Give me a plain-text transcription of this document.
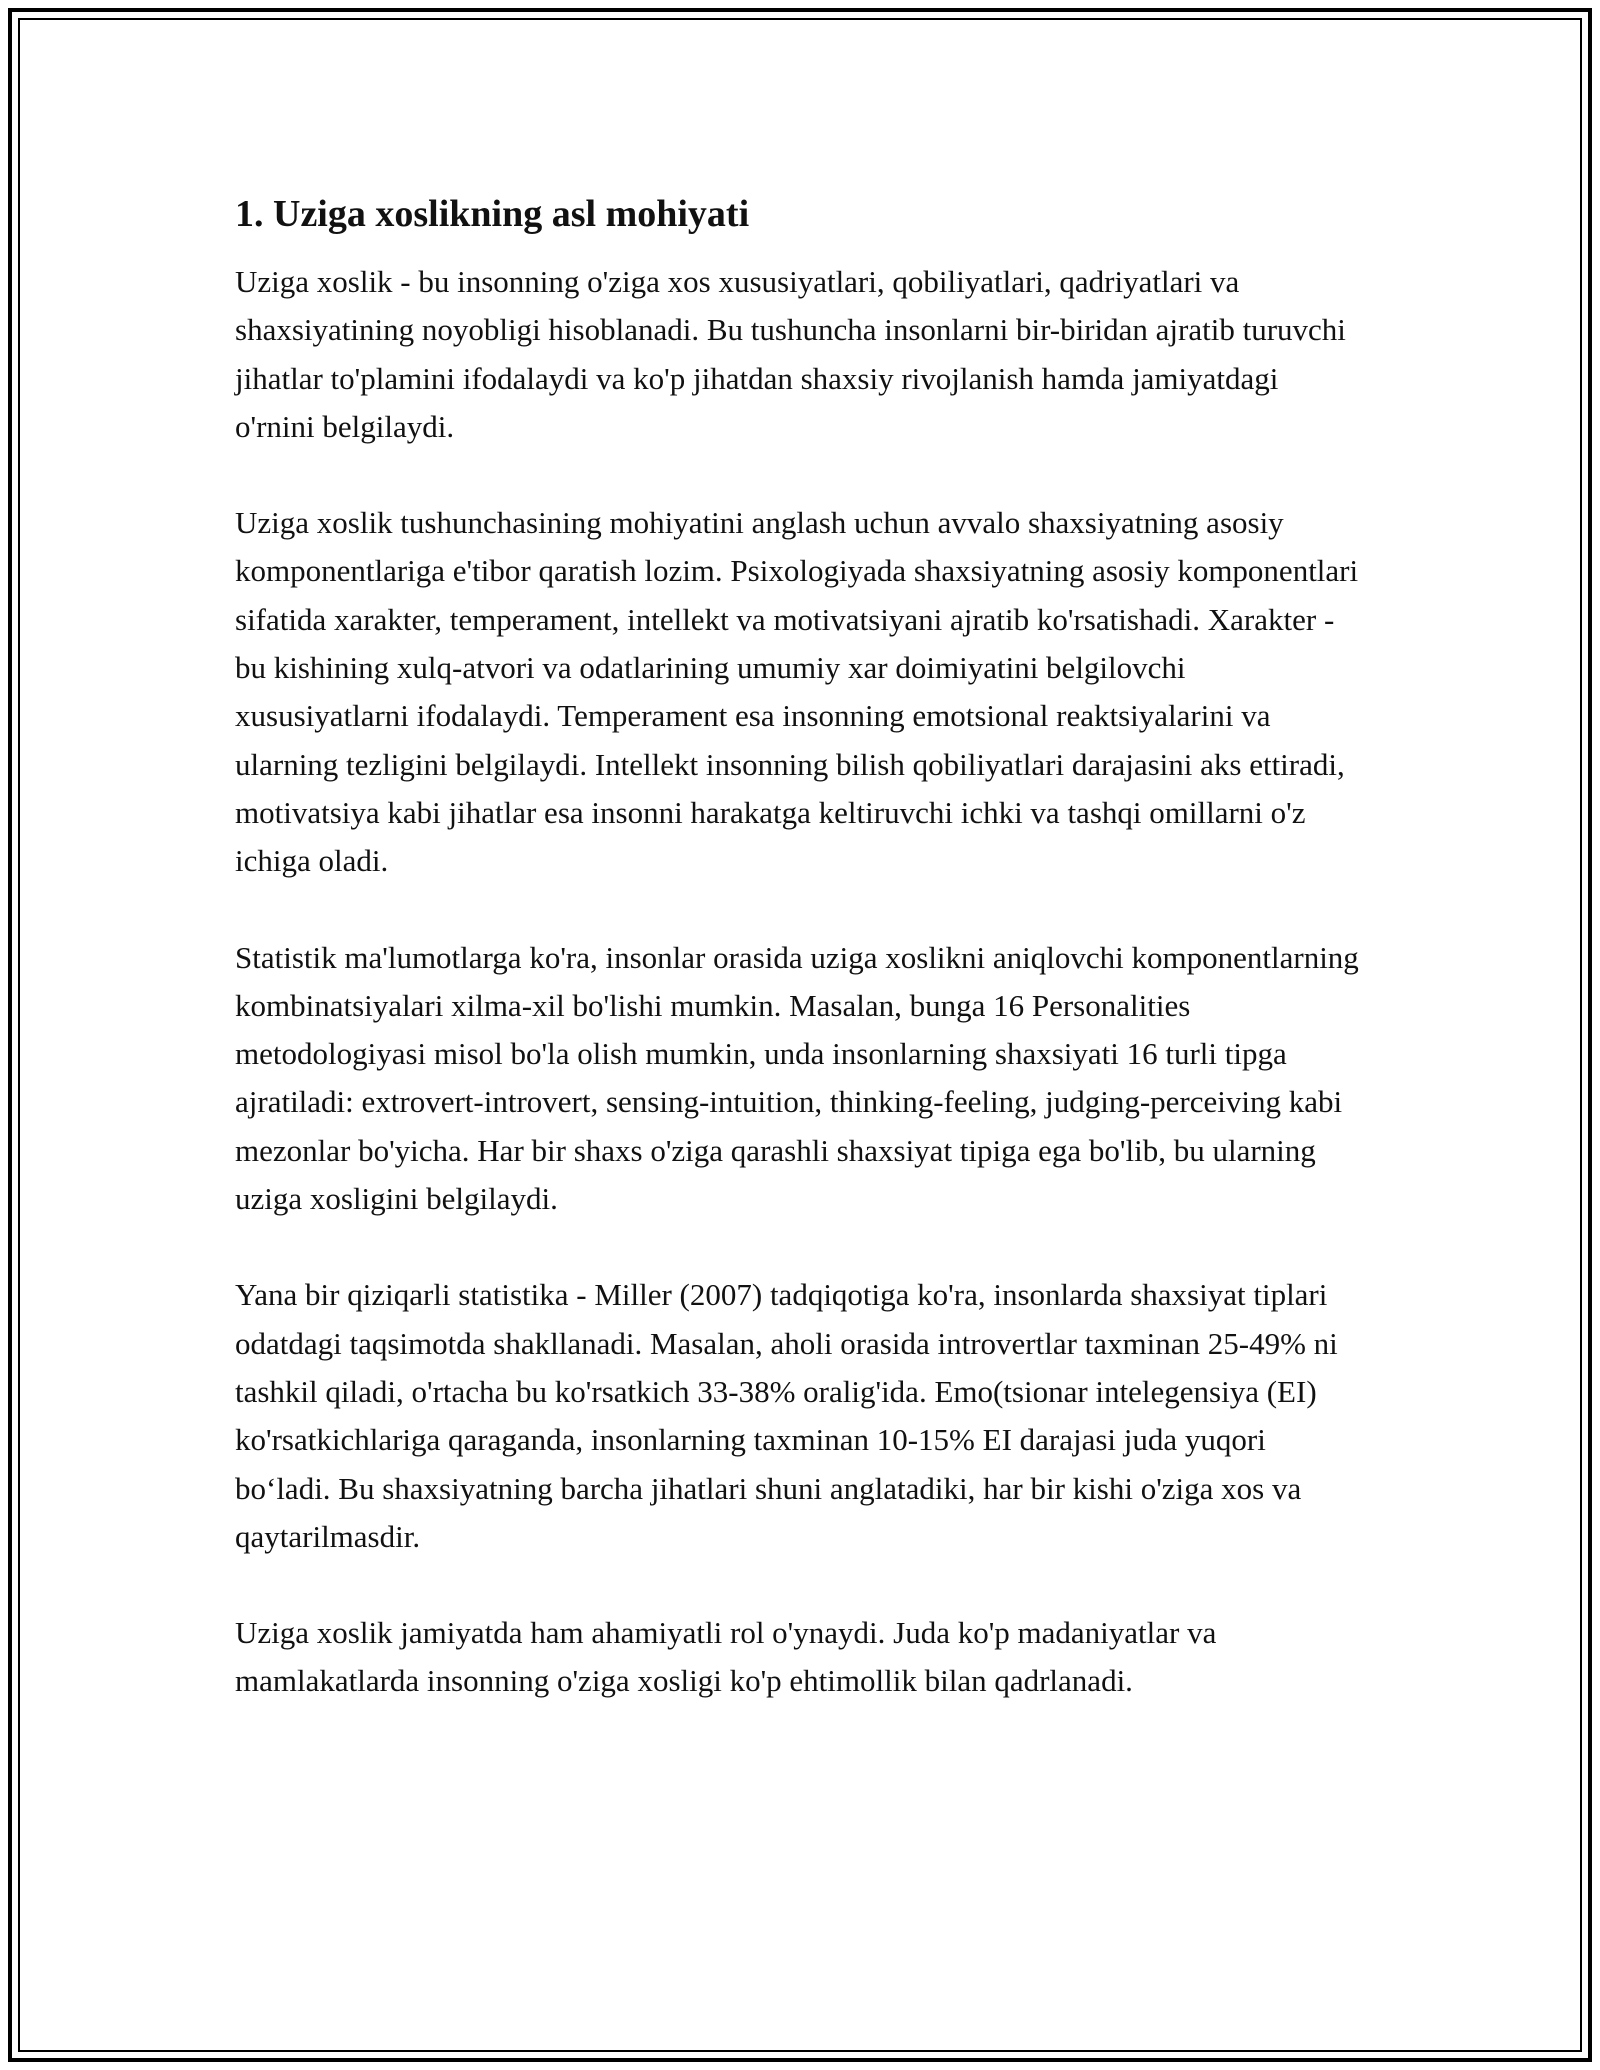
1. Uziga xoslikning asl mohiyati

Uziga xoslik - bu insonning o'ziga xos xususiyatlari, qobiliyatlari, qadriyatlari va shaxsiyatining noyobligi hisoblanadi. Bu tushuncha insonlarni bir-biridan ajratib turuvchi jihatlar to'plamini ifodalaydi va ko'p jihatdan shaxsiy rivojlanish hamda jamiyatdagi o'rnini belgilaydi.

Uziga xoslik tushunchasining mohiyatini anglash uchun avvalo shaxsiyatning asosiy komponentlariga e'tibor qaratish lozim. Psixologiyada shaxsiyatning asosiy komponentlari sifatida xarakter, temperament, intellekt va motivatsiyani ajratib ko'rsatishadi. Xarakter - bu kishining xulq-atvori va odatlarining umumiy xar doimiyatini belgilovchi xususiyatlarni ifodalaydi. Temperament esa insonning emotsional reaktsiyalarini va ularning tezligini belgilaydi. Intellekt insonning bilish qobiliyatlari darajasini aks ettiradi, motivatsiya kabi jihatlar esa insonni harakatga keltiruvchi ichki va tashqi omillarni o'z ichiga oladi.

Statistik ma'lumotlarga ko'ra, insonlar orasida uziga xoslikni aniqlovchi komponentlarning kombinatsiyalari xilma-xil bo'lishi mumkin. Masalan, bunga 16 Personalities metodologiyasi misol bo'la olish mumkin, unda insonlarning shaxsiyati 16 turli tipga ajratiladi: extrovert-introvert, sensing-intuition, thinking-feeling, judging-perceiving kabi mezonlar bo'yicha. Har bir shaxs o'ziga qarashli shaxsiyat tipiga ega bo'lib, bu ularning uziga xosligini belgilaydi.

Yana bir qiziqarli statistika - Miller (2007) tadqiqotiga ko'ra, insonlarda shaxsiyat tiplari odatdagi taqsimotda shakllanadi. Masalan, aholi orasida introvertlar taxminan 25-49% ni tashkil qiladi, o'rtacha bu ko'rsatkich 33-38% oralig'ida. Emo(tsionar intelegensiya (EI) ko'rsatkichlariga qaraganda, insonlarning taxminan 10-15% EI darajasi juda yuqori bo‘ladi. Bu shaxsiyatning barcha jihatlari shuni anglatadiki, har bir kishi o'ziga xos va qaytarilmasdir.

Uziga xoslik jamiyatda ham ahamiyatli rol o'ynaydi. Juda ko'p madaniyatlar va mamlakatlarda insonning o'ziga xosligi ko'p ehtimollik bilan qadrlanadi.
